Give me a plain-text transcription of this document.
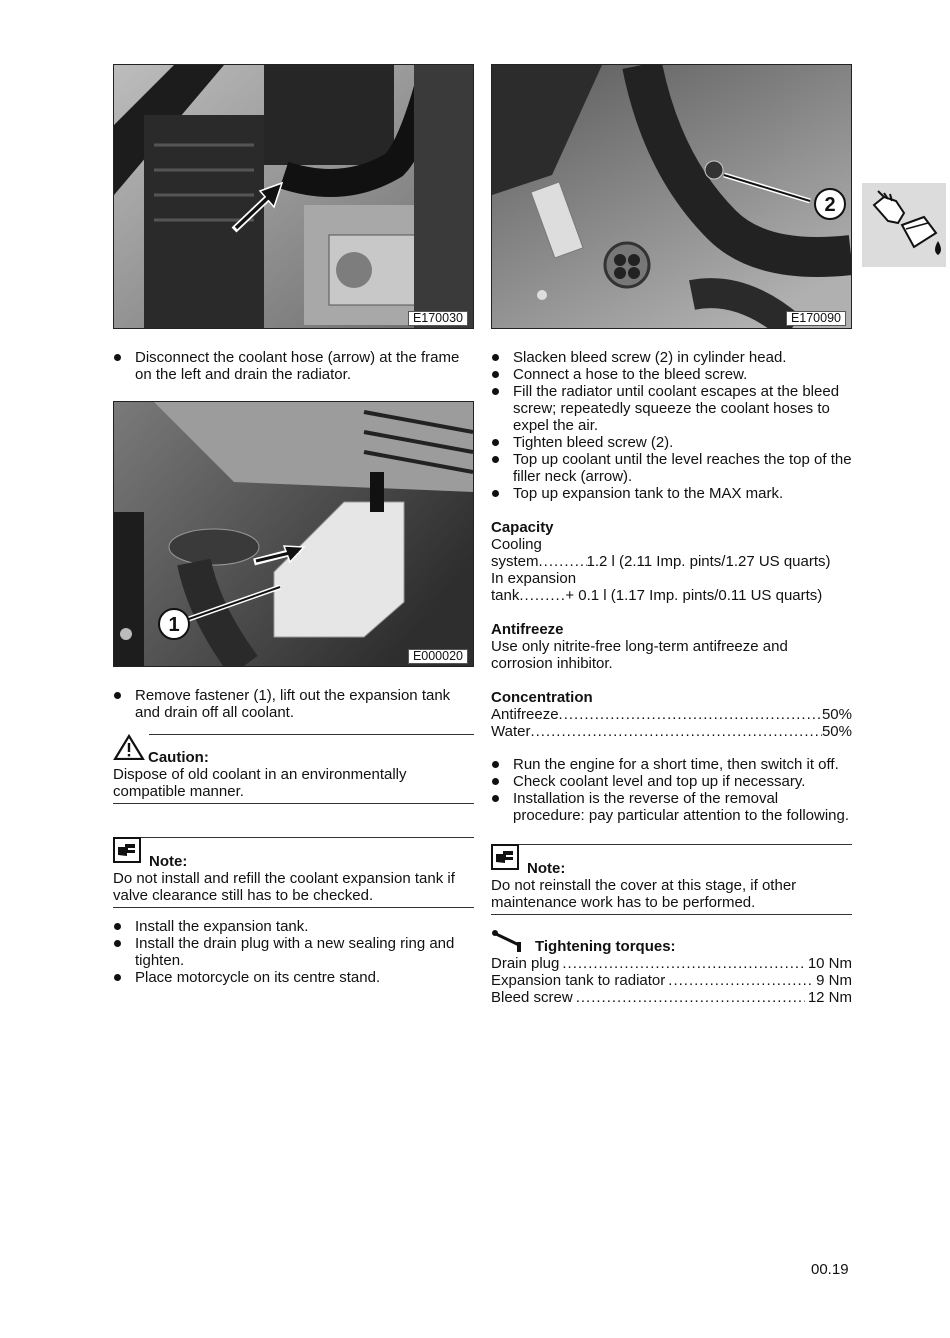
E170030
Disconnect the coolant hose (arrow) at the frame on the left and drain the radiator.
1
E000020
Remove fastener (1), lift out the expansion tank and drain off all coolant.
Caution:
Dispose of old coolant in an environmentally compatible manner.
Note:
Do not install and refill the coolant expansion tank if valve clearance still has to be checked.
Install the expansion tank.
Install the drain plug with a new sealing ring and tighten.
Place motorcycle on its centre stand.
2
E170090
Slacken bleed screw (2) in cylinder head.
Connect a hose to the bleed screw.
Fill the radiator until coolant escapes at the bleed screw; repeatedly squeeze the coolant hoses to expel the air.
Tighten bleed screw (2).
Top up coolant until the level reaches the top of the filler neck (arrow).
Top up expansion tank to the MAX mark.
Capacity
Cooling
system .....	1.2 l (2.11 Imp. pints/1.27 US quarts)
In expansion
tank .....	+ 0.1 l (1.17 Imp. pints/0.11 US quarts)
Antifreeze
Use only nitrite-free long-term antifreeze and corrosion inhibitor.
Concentration
Antifreeze .....	50%
Water .....	50%
Run the engine for a short time, then switch it off.
Check coolant level and top up if necessary.
Installation is the reverse of the removal procedure: pay particular attention to the following.
Note:
Do not reinstall the cover at this stage, if other maintenance work has to be performed.
Tightening torques:
Drain plug .....	10 Nm
Expansion tank to radiator .....	9 Nm
Bleed screw .....	12 Nm
00.19
